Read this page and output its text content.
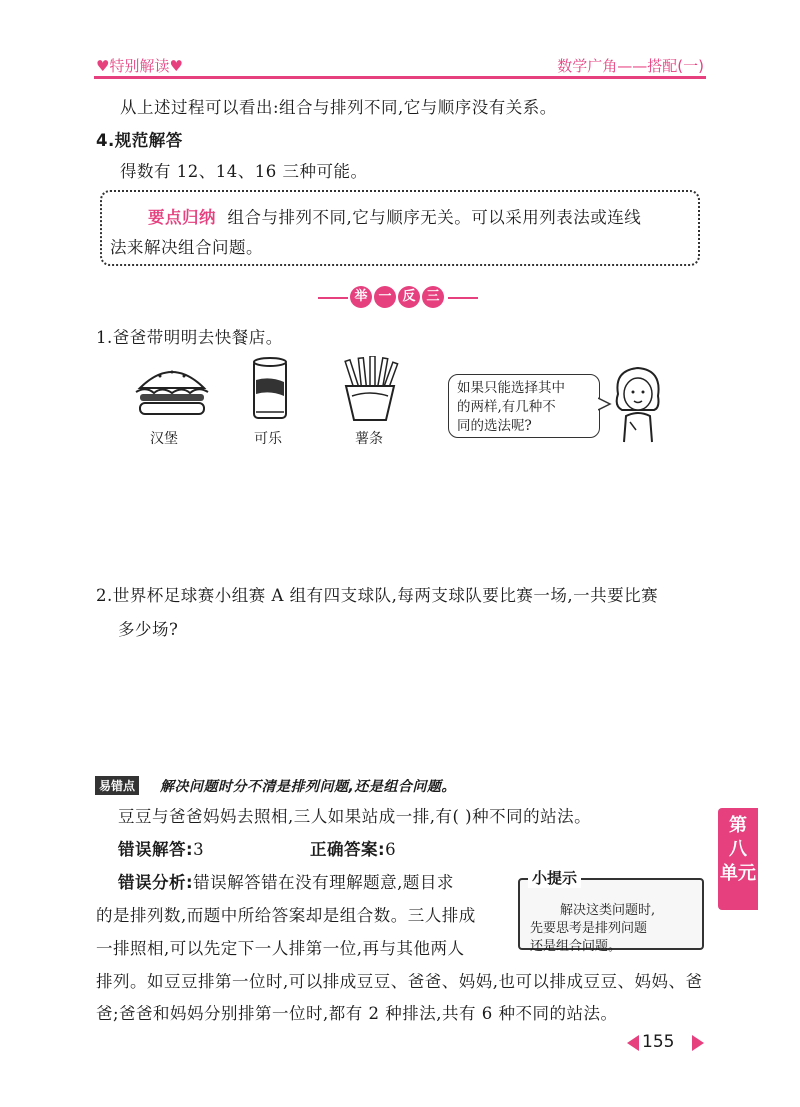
♥特别解读♥	数学广角——搭配(一)
从上述过程可以看出:组合与排列不同,它与顺序没有关系。
4.规范解答
得数有 12、14、16 三种可能。
要点归纳 组合与排列不同,它与顺序无关。可以采用列表法或连线
法来解决组合问题。
举 一 反 三
1.爸爸带明明去快餐店。
汉堡	可乐	薯条
如果只能选择其中
的两样,有几种不
同的选法呢?
2.世界杯足球赛小组赛 A 组有四支球队,每两支球队要比赛一场,一共要比赛
多少场?
易错点 解决问题时分不清是排列问题,还是组合问题。
豆豆与爸爸妈妈去照相,三人如果站成一排,有( )种不同的站法。
错误解答:3	正确答案:6
错误分析:错误解答错在没有理解题意,题目求
的是排列数,而题中所给答案却是组合数。三人排成
一排照相,可以先定下一人排第一位,再与其他两人
排列。如豆豆排第一位时,可以排成豆豆、爸爸、妈妈,也可以排成豆豆、妈妈、爸
爸;爸爸和妈妈分别排第一位时,都有 2 种排法,共有 6 种不同的站法。
解决这类问题时,
先要思考是排列问题
还是组合问题。
小提示
第
八
单 元
155
